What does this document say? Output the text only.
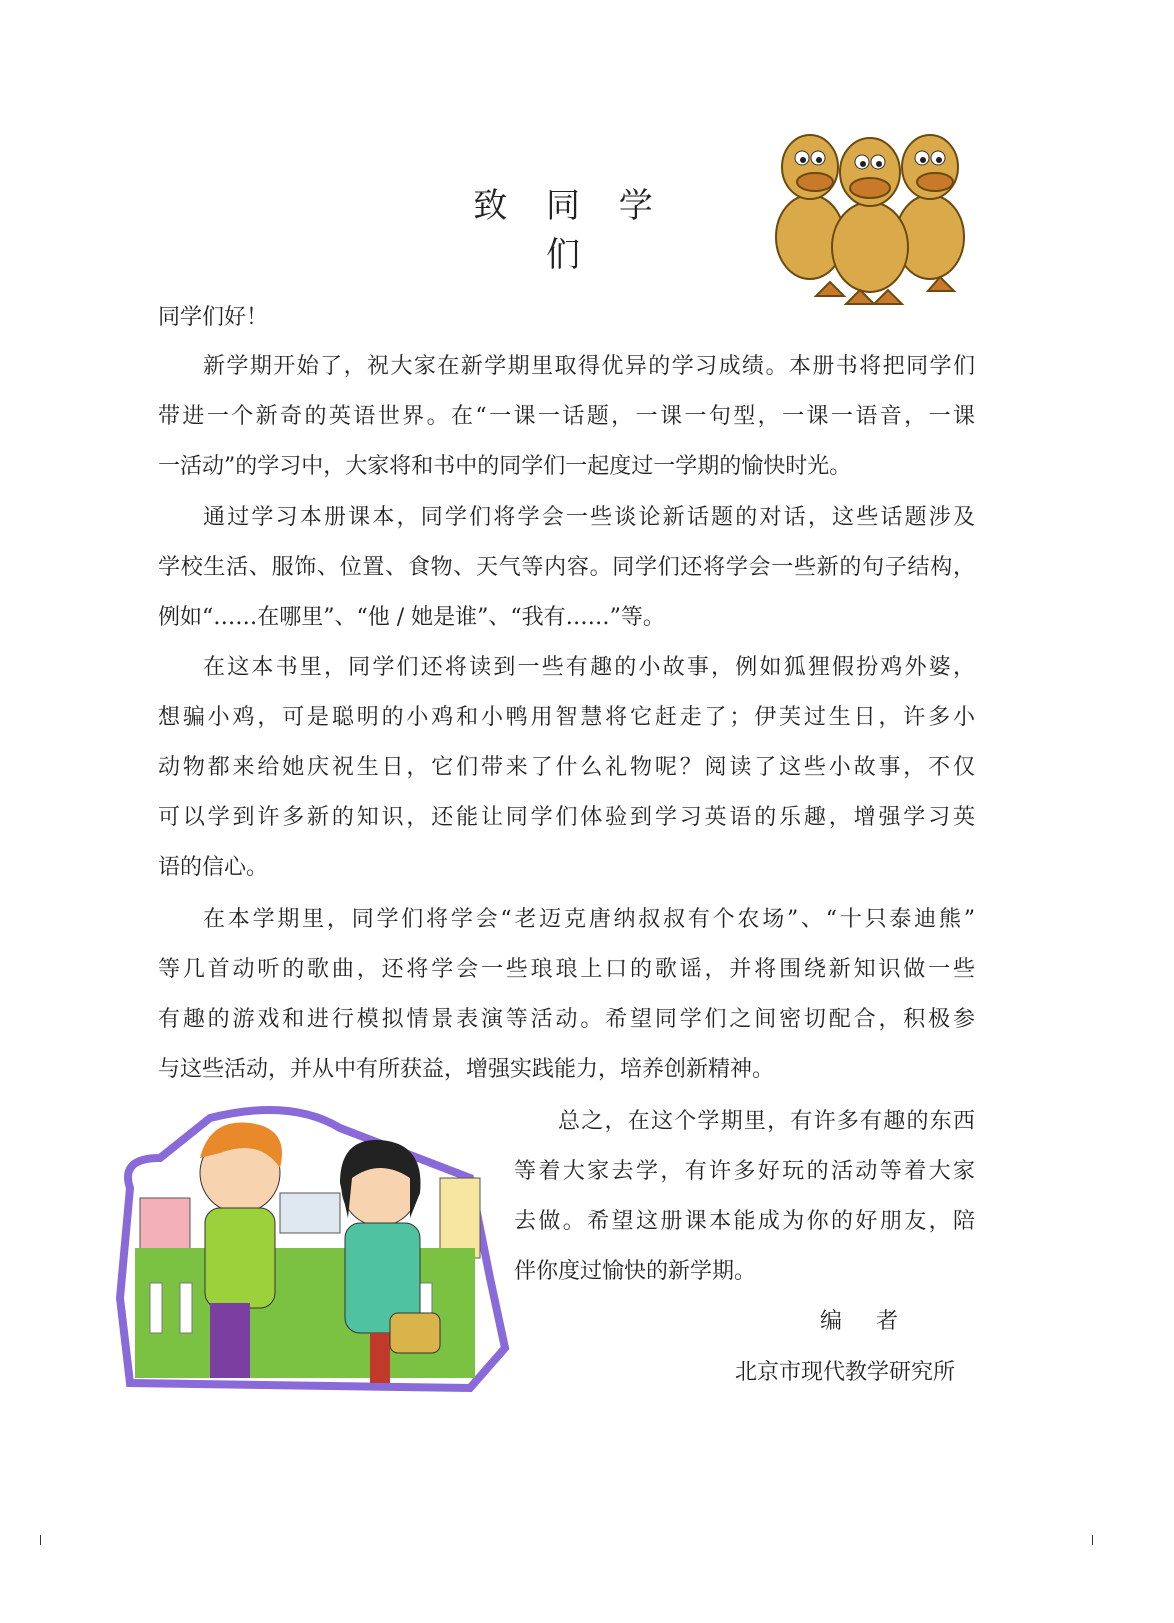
致 同 学 们
同学们好！
新学期开始了，祝大家在新学期里取得优异的学习成绩。本册书将把同学们
带进一个新奇的英语世界。在“一课一话题，一课一句型，一课一语音，一课
一活动”的学习中，大家将和书中的同学们一起度过一学期的愉快时光。
通过学习本册课本，同学们将学会一些谈论新话题的对话，这些话题涉及
学校生活、服饰、位置、食物、天气等内容。同学们还将学会一些新的句子结构，
例如“……在哪里”、“他 / 她是谁”、“我有……”等。
在这本书里，同学们还将读到一些有趣的小故事，例如狐狸假扮鸡外婆，
想骗小鸡，可是聪明的小鸡和小鸭用智慧将它赶走了；伊芙过生日，许多小
动物都来给她庆祝生日，它们带来了什么礼物呢？阅读了这些小故事，不仅
可以学到许多新的知识，还能让同学们体验到学习英语的乐趣，增强学习英
语的信心。
在本学期里，同学们将学会“老迈克唐纳叔叔有个农场”、“十只泰迪熊”
等几首动听的歌曲，还将学会一些琅琅上口的歌谣，并将围绕新知识做一些
有趣的游戏和进行模拟情景表演等活动。希望同学们之间密切配合，积极参
与这些活动，并从中有所获益，增强实践能力，培养创新精神。
总之，在这个学期里，有许多有趣的东西
等着大家去学，有许多好玩的活动等着大家
去做。希望这册课本能成为你的好朋友，陪
伴你度过愉快的新学期。
编　者
北京市现代教学研究所
